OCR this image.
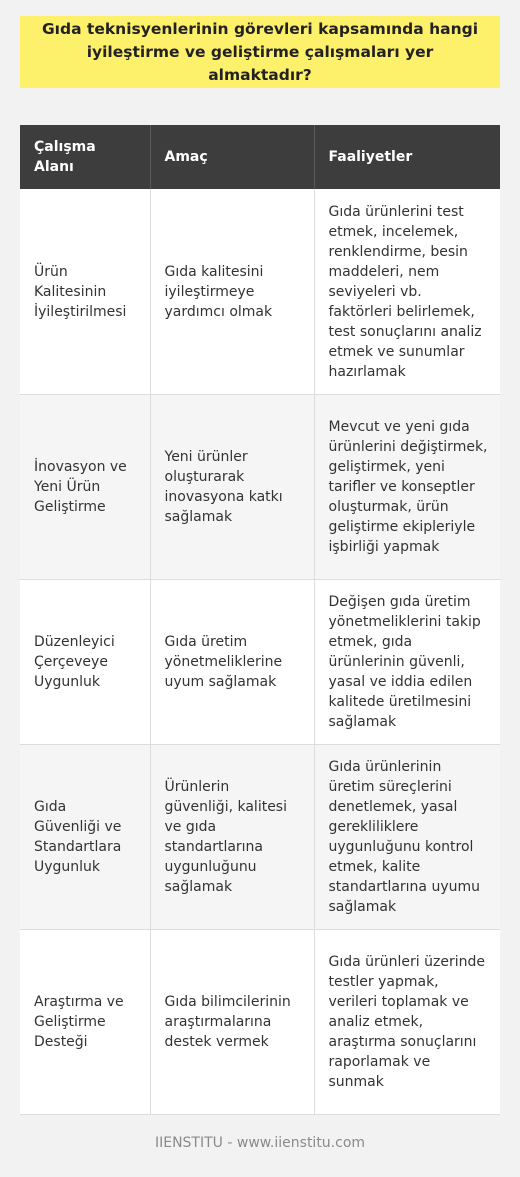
Gıda teknisyenlerinin görevleri kapsamında hangi iyileştirme ve geliştirme çalışmaları yer almaktadır?
Çalışma Alanı	Amaç	Faaliyetler
Ürün Kalitesinin İyileştirilmesi	Gıda kalitesini iyileştirmeye yardımcı olmak	Gıda ürünlerini test etmek, incelemek, renklendirme, besin maddeleri, nem seviyeleri vb. faktörleri belirlemek, test sonuçlarını analiz etmek ve sunumlar hazırlamak
İnovasyon ve Yeni Ürün Geliştirme	Yeni ürünler oluşturarak inovasyona katkı sağlamak	Mevcut ve yeni gıda ürünlerini değiştirmek, geliştirmek, yeni tarifler ve konseptler oluşturmak, ürün geliştirme ekipleriyle işbirliği yapmak
Düzenleyici Çerçeveye Uygunluk	Gıda üretim yönetmeliklerine uyum sağlamak	Değişen gıda üretim yönetmeliklerini takip etmek, gıda ürünlerinin güvenli, yasal ve iddia edilen kalitede üretilmesini sağlamak
Gıda Güvenliği ve Standartlara Uygunluk	Ürünlerin güvenliği, kalitesi ve gıda standartlarına uygunluğunu sağlamak	Gıda ürünlerinin üretim süreçlerini denetlemek, yasal gerekliliklere uygunluğunu kontrol etmek, kalite standartlarına uyumu sağlamak
Araştırma ve Geliştirme Desteği	Gıda bilimcilerinin araştırmalarına destek vermek	Gıda ürünleri üzerinde testler yapmak, verileri toplamak ve analiz etmek, araştırma sonuçlarını raporlamak ve sunmak
IIENSTITU - www.iienstitu.com
